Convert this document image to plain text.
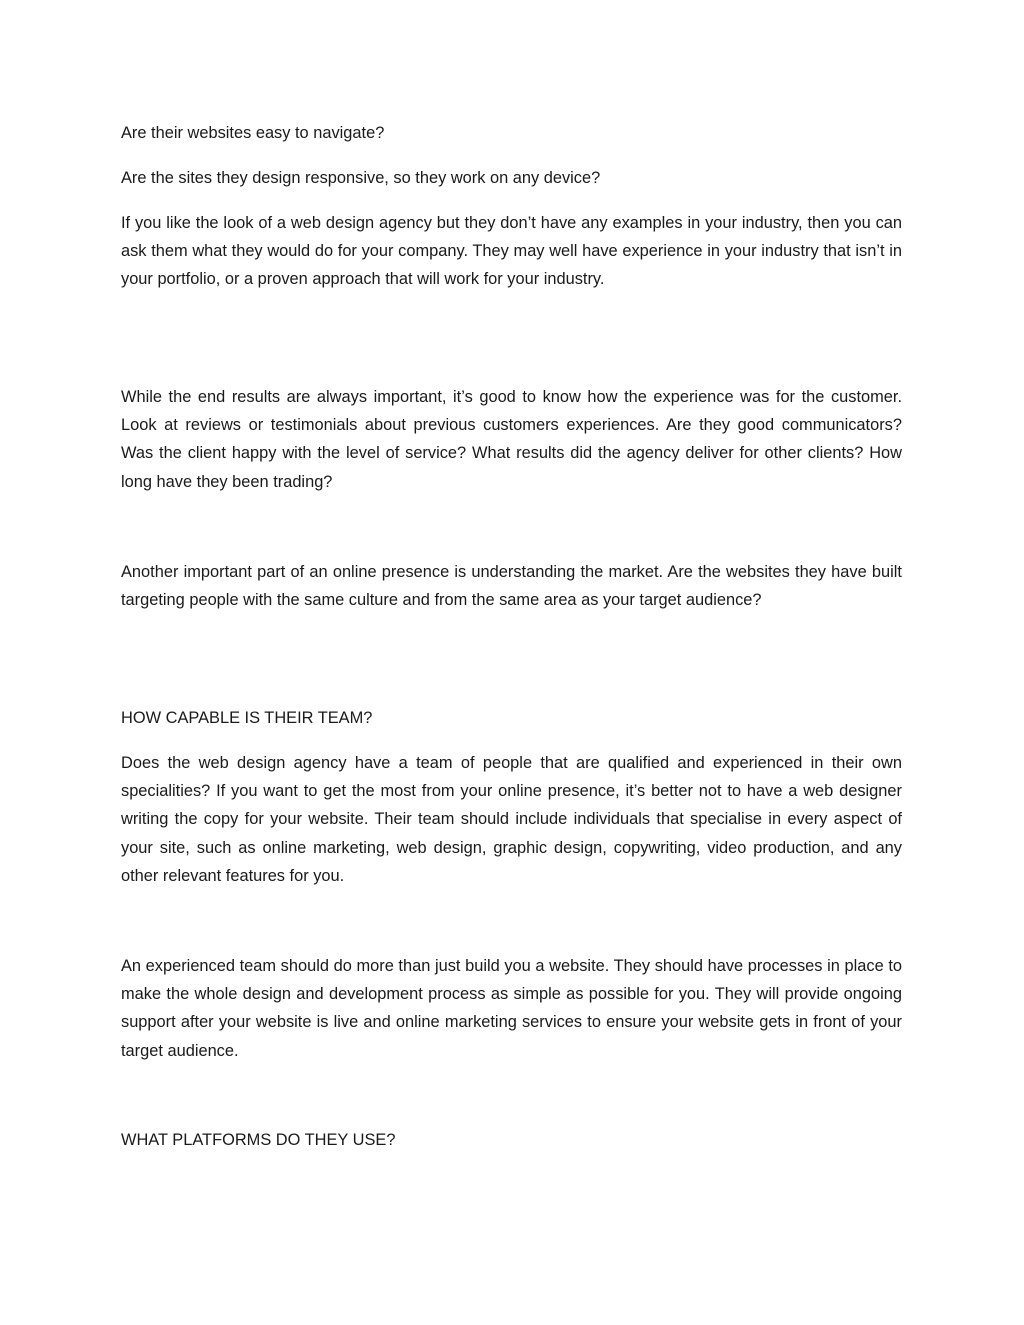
Are their websites easy to navigate?

Are the sites they design responsive, so they work on any device?

If you like the look of a web design agency but they don’t have any examples in your industry, then you can ask them what they would do for your company. They may well have experience in your industry that isn’t in your portfolio, or a proven approach that will work for your industry.

While the end results are always important, it’s good to know how the experience was for the customer. Look at reviews or testimonials about previous customers experiences. Are they good communicators? Was the client happy with the level of service? What results did the agency deliver for other clients? How long have they been trading?

Another important part of an online presence is understanding the market. Are the websites they have built targeting people with the same culture and from the same area as your target audience?

HOW CAPABLE IS THEIR TEAM?

Does the web design agency have a team of people that are qualified and experienced in their own specialities? If you want to get the most from your online presence, it’s better not to have a web designer writing the copy for your website. Their team should include individuals that specialise in every aspect of your site, such as online marketing, web design, graphic design, copywriting, video production, and any other relevant features for you.

An experienced team should do more than just build you a website. They should have processes in place to make the whole design and development process as simple as possible for you. They will provide ongoing support after your website is live and online marketing services to ensure your website gets in front of your target audience.

WHAT PLATFORMS DO THEY USE?
